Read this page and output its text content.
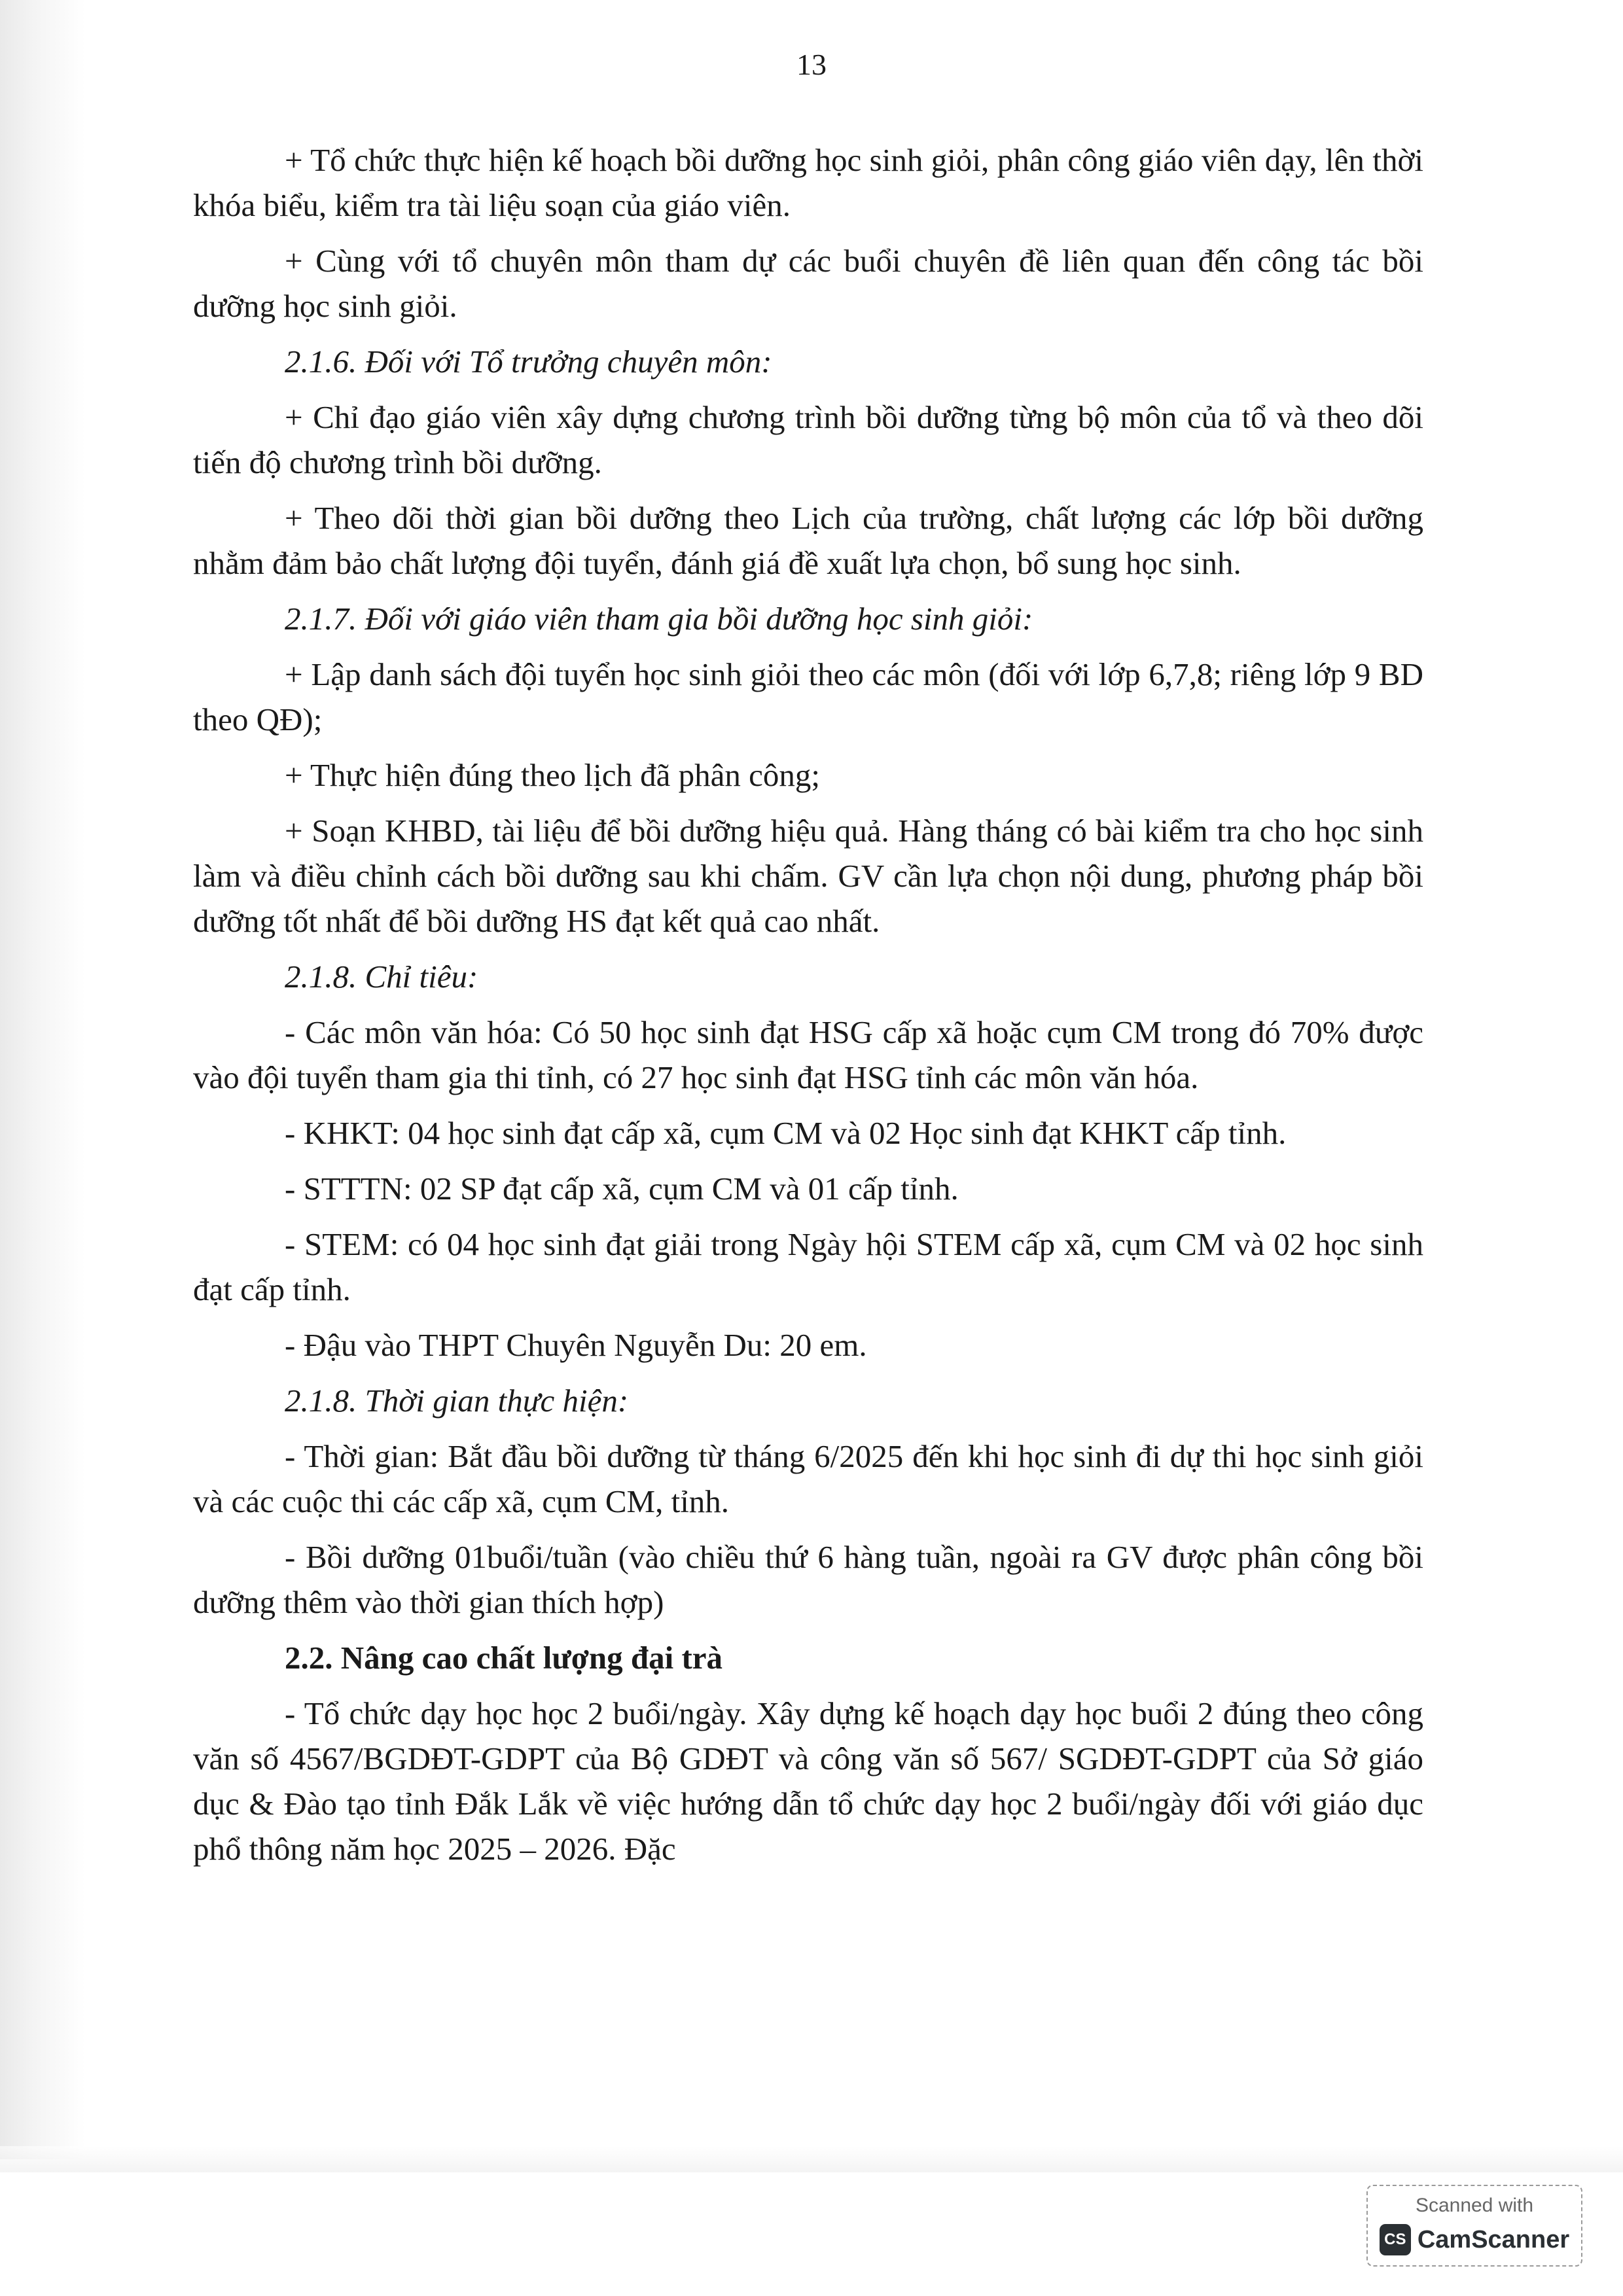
13

+ Tổ chức thực hiện kế hoạch bồi dưỡng học sinh giỏi, phân công giáo viên dạy, lên thời khóa biểu, kiểm tra tài liệu soạn của giáo viên.

+ Cùng với tổ chuyên môn tham dự các buổi chuyên đề liên quan đến công tác bồi dưỡng học sinh giỏi.

2.1.6. Đối với Tổ trưởng chuyên môn:

+ Chỉ đạo giáo viên xây dựng chương trình bồi dưỡng từng bộ môn của tổ và theo dõi tiến độ chương trình bồi dưỡng.

+ Theo dõi thời gian bồi dưỡng theo Lịch của trường, chất lượng các lớp bồi dưỡng nhằm đảm bảo chất lượng đội tuyển, đánh giá đề xuất lựa chọn, bổ sung học sinh.

2.1.7. Đối với giáo viên tham gia bồi dưỡng học sinh giỏi:

+ Lập danh sách đội tuyển học sinh giỏi theo các môn (đối với lớp 6,7,8; riêng lớp 9 BD theo QĐ);

+ Thực hiện đúng theo lịch đã phân công;

+ Soạn KHBD, tài liệu để bồi dưỡng hiệu quả. Hàng tháng có bài kiểm tra cho học sinh làm và điều chỉnh cách bồi dưỡng sau khi chấm. GV cần lựa chọn nội dung, phương pháp bồi dưỡng tốt nhất để bồi dưỡng HS đạt kết quả cao nhất.

2.1.8. Chỉ tiêu:

- Các môn văn hóa: Có 50 học sinh đạt HSG cấp xã hoặc cụm CM trong đó 70% được vào đội tuyển tham gia thi tỉnh, có 27 học sinh đạt HSG tỉnh các môn văn hóa.

- KHKT: 04 học sinh đạt cấp xã, cụm CM và 02 Học sinh đạt KHKT cấp tỉnh.

- STTTN: 02 SP đạt cấp xã, cụm CM và 01 cấp tỉnh.

- STEM: có 04 học sinh đạt giải trong Ngày hội STEM cấp xã, cụm CM và 02 học sinh đạt cấp tỉnh.

- Đậu vào THPT Chuyên Nguyễn Du: 20 em.

2.1.8. Thời gian thực hiện:

- Thời gian: Bắt đầu bồi dưỡng từ tháng 6/2025 đến khi học sinh đi dự thi học sinh giỏi và các cuộc thi các cấp xã, cụm CM, tỉnh.

- Bồi dưỡng 01buổi/tuần (vào chiều thứ 6 hàng tuần, ngoài ra GV được phân công bồi dưỡng thêm vào thời gian thích hợp)

2.2. Nâng cao chất lượng đại trà

- Tổ chức dạy học học 2 buổi/ngày. Xây dựng kế hoạch dạy học buổi 2 đúng theo công văn số 4567/BGDĐT-GDPT của Bộ GDĐT và công văn số 567/ SGDĐT-GDPT của Sở giáo dục & Đào tạo tỉnh Đắk Lắk về việc hướng dẫn tổ chức dạy học 2 buổi/ngày đối với giáo dục phổ thông năm học 2025 – 2026. Đặc

Scanned with
CS CamScanner
